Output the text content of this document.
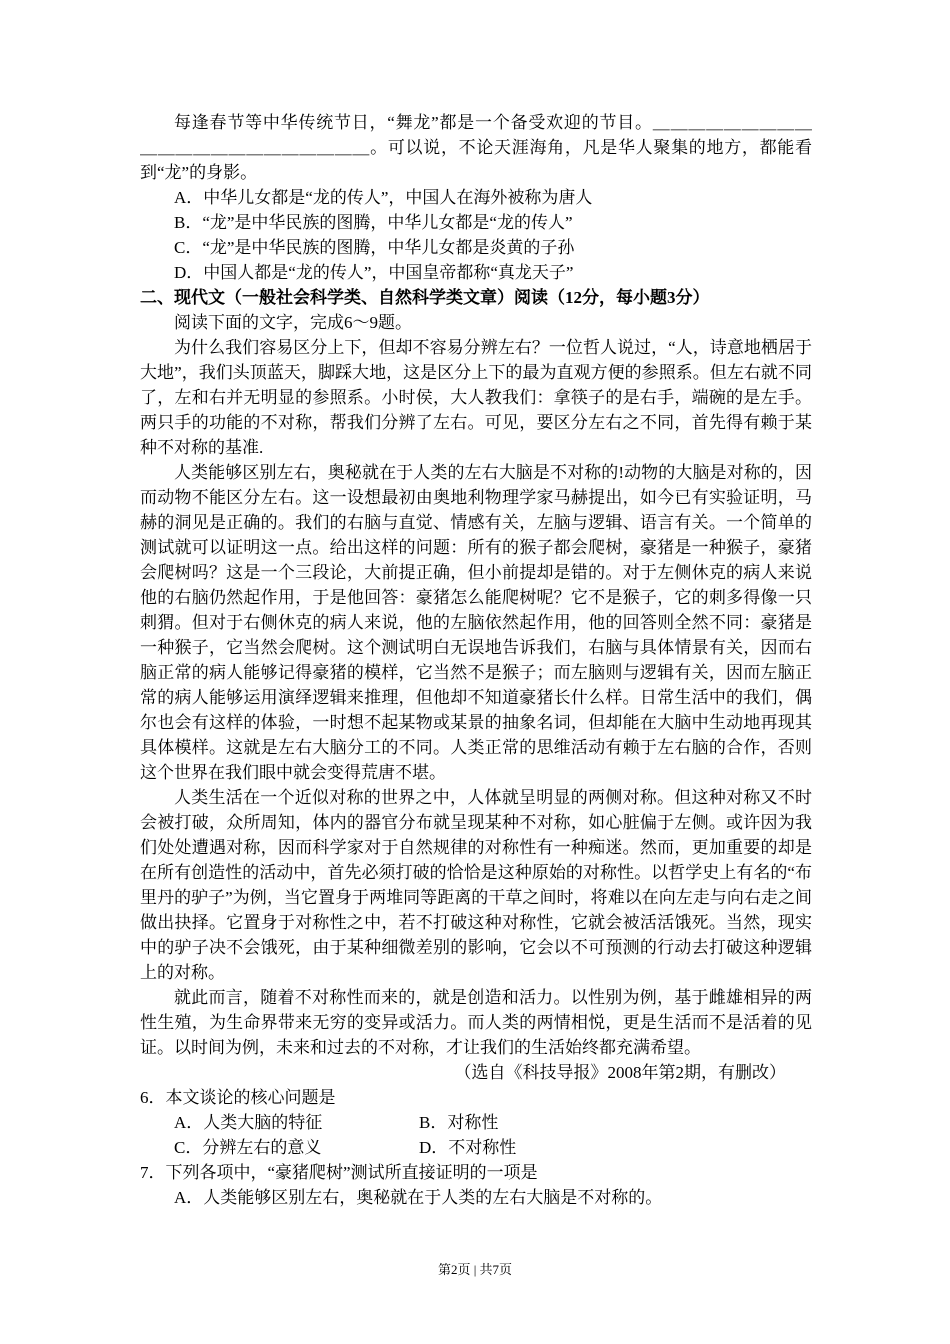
每逢春节等中华传统节日，“舞龙”都是一个备受欢迎的节目。＿＿＿＿＿＿＿＿＿＿＿＿＿＿＿＿＿＿＿＿＿＿。可以说，不论天涯海角，凡是华人聚集的地方，都能看到“龙”的身影。

A．中华儿女都是“龙的传人”，中国人在海外被称为唐人

B．“龙”是中华民族的图腾，中华儿女都是“龙的传人”

C．“龙”是中华民族的图腾，中华儿女都是炎黄的子孙

D．中国人都是“龙的传人”，中国皇帝都称“真龙天子”

二、现代文（一般社会科学类、自然科学类文章）阅读（12分，每小题3分）

阅读下面的文字，完成6～9题。

为什么我们容易区分上下，但却不容易分辨左右？一位哲人说过，“人，诗意地栖居于大地”，我们头顶蓝天，脚踩大地，这是区分上下的最为直观方便的参照系。但左右就不同了，左和右并无明显的参照系。小时侯，大人教我们：拿筷子的是右手，端碗的是左手。两只手的功能的不对称，帮我们分辨了左右。可见，要区分左右之不同，首先得有赖于某种不对称的基准.

人类能够区别左右，奥秘就在于人类的左右大脑是不对称的!动物的大脑是对称的，因而动物不能区分左右。这一设想最初由奥地利物理学家马赫提出，如今已有实验证明，马赫的洞见是正确的。我们的右脑与直觉、情感有关，左脑与逻辑、语言有关。一个简单的测试就可以证明这一点。给出这样的问题：所有的猴子都会爬树，豪猪是一种猴子，豪猪会爬树吗？这是一个三段论，大前提正确，但小前提却是错的。对于左侧休克的病人来说他的右脑仍然起作用，于是他回答：豪猪怎么能爬树呢？它不是猴子，它的刺多得像一只刺猬。但对于右侧休克的病人来说，他的左脑依然起作用，他的回答则全然不同：豪猪是一种猴子，它当然会爬树。这个测试明白无误地告诉我们，右脑与具体情景有关，因而右脑正常的病人能够记得豪猪的模样，它当然不是猴子；而左脑则与逻辑有关，因而左脑正常的病人能够运用演绎逻辑来推理，但他却不知道豪猪长什么样。日常生活中的我们，偶尔也会有这样的体验，一时想不起某物或某景的抽象名词，但却能在大脑中生动地再现其具体模样。这就是左右大脑分工的不同。人类正常的思维活动有赖于左右脑的合作，否则这个世界在我们眼中就会变得荒唐不堪。

人类生活在一个近似对称的世界之中，人体就呈明显的两侧对称。但这种对称又不时会被打破，众所周知，体内的器官分布就呈现某种不对称，如心脏偏于左侧。或许因为我们处处遭遇对称，因而科学家对于自然规律的对称性有一种痴迷。然而，更加重要的却是在所有创造性的活动中，首先必须打破的恰恰是这种原始的对称性。以哲学史上有名的“布里丹的驴子”为例，当它置身于两堆同等距离的干草之间时，将难以在向左走与向右走之间做出抉择。它置身于对称性之中，若不打破这种对称性，它就会被活活饿死。当然，现实中的驴子决不会饿死，由于某种细微差别的影响，它会以不可预测的行动去打破这种逻辑上的对称。

就此而言，随着不对称性而来的，就是创造和活力。以性别为例，基于雌雄相异的两性生殖，为生命界带来无穷的变异或活力。而人类的两情相悦，更是生活而不是活着的见证。以时间为例，未来和过去的不对称，才让我们的生活始终都充满希望。

（选自《科技导报》2008年第2期，有删改）

6．本文谈论的核心问题是

A．人类大脑的特征	B．对称性

C．分辨左右的意义	D．不对称性

7．下列各项中，“豪猪爬树”测试所直接证明的一项是

A．人类能够区别左右，奥秘就在于人类的左右大脑是不对称的。

第2页 | 共7页
